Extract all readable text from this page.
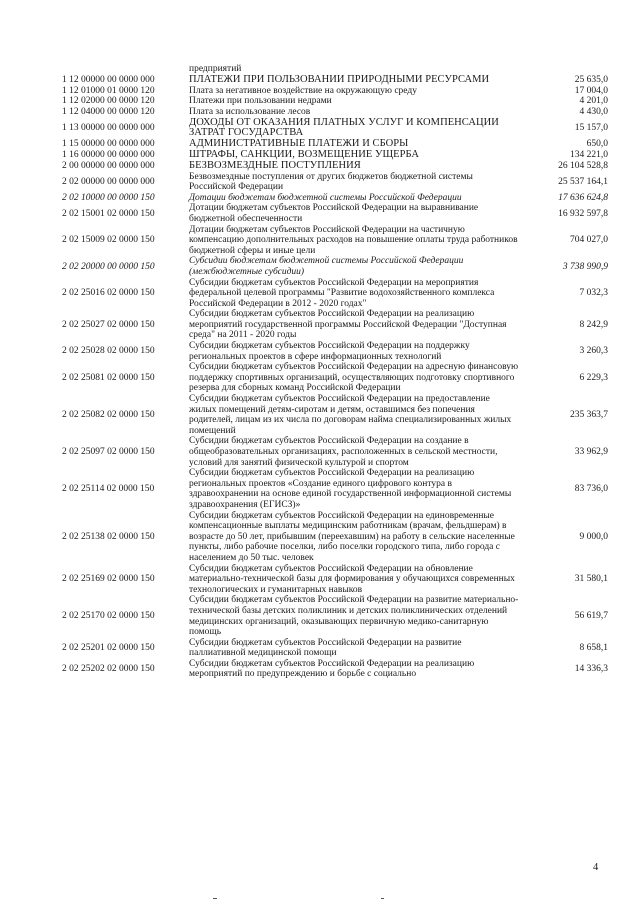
предприятий
1 12 00000 00 0000 000	ПЛАТЕЖИ ПРИ ПОЛЬЗОВАНИИ ПРИРОДНЫМИ РЕСУРСАМИ	25 635,0
1 12 01000 01 0000 120	Плата за негативное воздействие на окружающую среду	17 004,0
1 12 02000 00 0000 120	Платежи при пользовании недрами	4 201,0
1 12 04000 00 0000 120	Плата за использование лесов	4 430,0
1 13 00000 00 0000 000	ДОХОДЫ ОТ ОКАЗАНИЯ ПЛАТНЫХ УСЛУГ И КОМПЕНСАЦИИ ЗАТРАТ ГОСУДАРСТВА	15 157,0
1 15 00000 00 0000 000	АДМИНИСТРАТИВНЫЕ ПЛАТЕЖИ И СБОРЫ	650,0
1 16 00000 00 0000 000	ШТРАФЫ, САНКЦИИ, ВОЗМЕЩЕНИЕ УЩЕРБА	134 221,0
2 00 00000 00 0000 000	БЕЗВОЗМЕЗДНЫЕ ПОСТУПЛЕНИЯ	26 104 528,8
2 02 00000 00 0000 000	Безвозмездные поступления от других бюджетов бюджетной системы Российской Федерации	25 537 164,1
2 02 10000 00 0000 150	Дотации бюджетам бюджетной системы Российской Федерации	17 636 624,8
2 02 15001 02 0000 150	Дотации бюджетам субъектов Российской Федерации на выравнивание бюджетной обеспеченности	16 932 597,8
2 02 15009 02 0000 150	Дотации бюджетам субъектов Российской Федерации на частичную компенсацию дополнительных расходов на повышение оплаты труда работников бюджетной сферы и иные цели	704 027,0
2 02 20000 00 0000 150	Субсидии бюджетам бюджетной системы Российской Федерации (межбюджетные субсидии)	3 738 990,9
2 02 25016 02 0000 150	Субсидии бюджетам субъектов Российской Федерации на мероприятия федеральной целевой программы "Развитие водохозяйственного комплекса Российской Федерации в 2012 - 2020 годах"	7 032,3
2 02 25027 02 0000 150	Субсидии бюджетам субъектов Российской Федерации на реализацию мероприятий государственной программы Российской Федерации "Доступная среда" на 2011 - 2020 годы	8 242,9
2 02 25028 02 0000 150	Субсидии бюджетам субъектов Российской Федерации на поддержку региональных проектов в сфере информационных технологий	3 260,3
2 02 25081 02 0000 150	Субсидии бюджетам субъектов Российской Федерации на адресную финансовую поддержку спортивных организаций, осуществляющих подготовку спортивного резерва для сборных команд Российской Федерации	6 229,3
2 02 25082 02 0000 150	Субсидии бюджетам субъектов Российской Федерации на предоставление жилых помещений детям-сиротам и детям, оставшимся без попечения родителей, лицам из их числа по договорам найма специализированных жилых помещений	235 363,7
2 02 25097 02 0000 150	Субсидии бюджетам субъектов Российской Федерации на создание в общеобразовательных организациях, расположенных в сельской местности, условий для занятий физической культурой и спортом	33 962,9
2 02 25114 02 0000 150	Субсидии бюджетам субъектов Российской Федерации на реализацию региональных проектов «Создание единого цифрового контура в здравоохранении на основе единой государственной информационной системы здравоохранения (ЕГИСЗ)»	83 736,0
2 02 25138 02 0000 150	Субсидии бюджетам субъектов Российской Федерации на единовременные компенсационные выплаты медицинским работникам (врачам, фельдшерам) в возрасте до 50 лет, прибывшим (переехавшим) на работу в сельские населенные пункты, либо рабочие поселки, либо поселки городского типа, либо города с населением до 50 тыс. человек	9 000,0
2 02 25169 02 0000 150	Субсидии бюджетам субъектов Российской Федерации на обновление материально-технической базы для формирования у обучающихся современных технологических и гуманитарных навыков	31 580,1
2 02 25170 02 0000 150	Субсидии бюджетам субъектов Российской Федерации на развитие материально-технической базы детских поликлиник и детских поликлинических отделений медицинских организаций, оказывающих первичную медико-санитарную помощь	56 619,7
2 02 25201 02 0000 150	Субсидии бюджетам субъектов Российской Федерации на развитие паллиативной медицинской помощи	8 658,1
2 02 25202 02 0000 150	Субсидии бюджетам субъектов Российской Федерации на реализацию мероприятий по предупреждению и борьбе с социально	14 336,3
4
